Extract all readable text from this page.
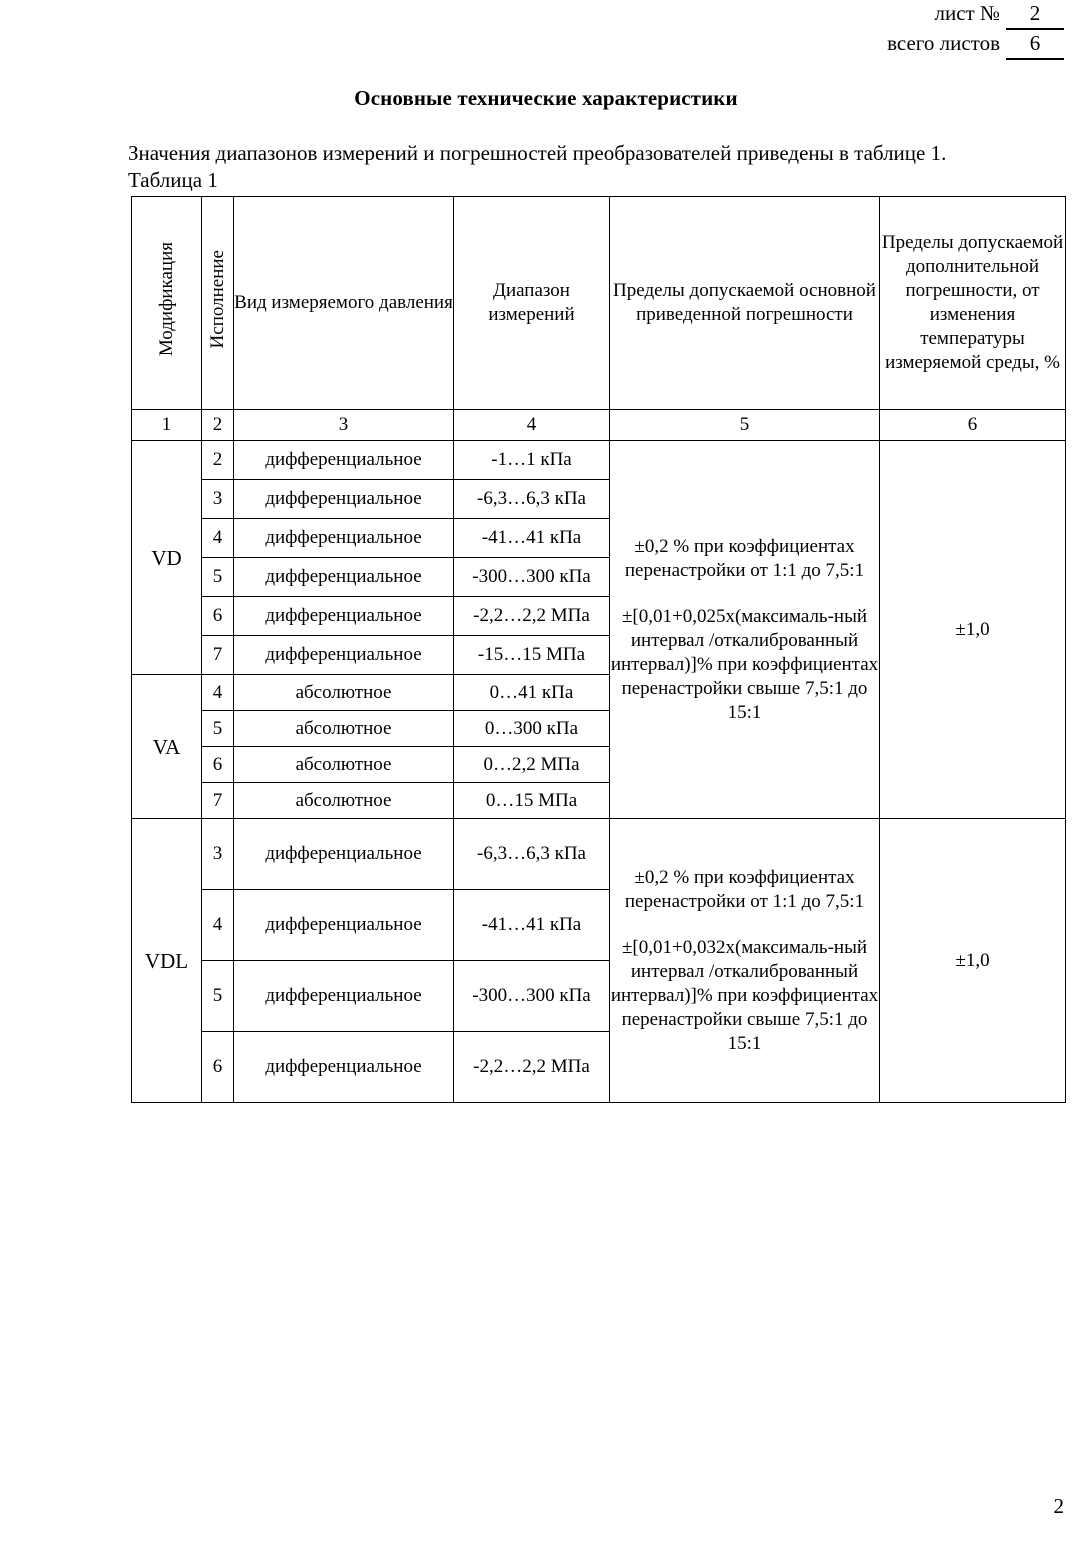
лист №	2
всего листов	6
Основные технические характеристики
Значения диапазонов измерений и погрешностей преобразователей приведены в таблице 1.
Таблица 1
Модификация	Исполнение	Вид измеряемого давления	Диапазон измерений	Пределы допускаемой основной приведенной погрешности	Пределы допускаемой дополнительной погрешности, от изменения температуры измеряемой среды, %
1	2	3	4	5	6
VD	2	дифференциальное	-1…1 кПа	±0,2 % при коэффициентах перенастройки от 1:1 до 7,5:1
±[0,01+0,025х(максималь-ный интервал /откалиброванный интервал)]% при коэффициентах перенастройки свыше 7,5:1 до 15:1	±1,0
	3	дифференциальное	-6,3…6,3 кПа		
	4	дифференциальное	-41…41 кПа		
	5	дифференциальное	-300…300 кПа		
	6	дифференциальное	-2,2…2,2 МПа		
	7	дифференциальное	-15…15 МПа		
VA	4	абсолютное	0…41 кПа		
	5	абсолютное	0…300 кПа		
	6	абсолютное	0…2,2 МПа		
	7	абсолютное	0…15 МПа		
VDL	3	дифференциальное	-6,3…6,3 кПа	±0,2 % при коэффициентах перенастройки от 1:1 до 7,5:1
±[0,01+0,032х(максималь-ный интервал /откалиброванный интервал)]% при коэффициентах перенастройки свыше 7,5:1 до 15:1	±1,0
	4	дифференциальное	-41…41 кПа		
	5	дифференциальное	-300…300 кПа		
	6	дифференциальное	-2,2…2,2 МПа		
2
